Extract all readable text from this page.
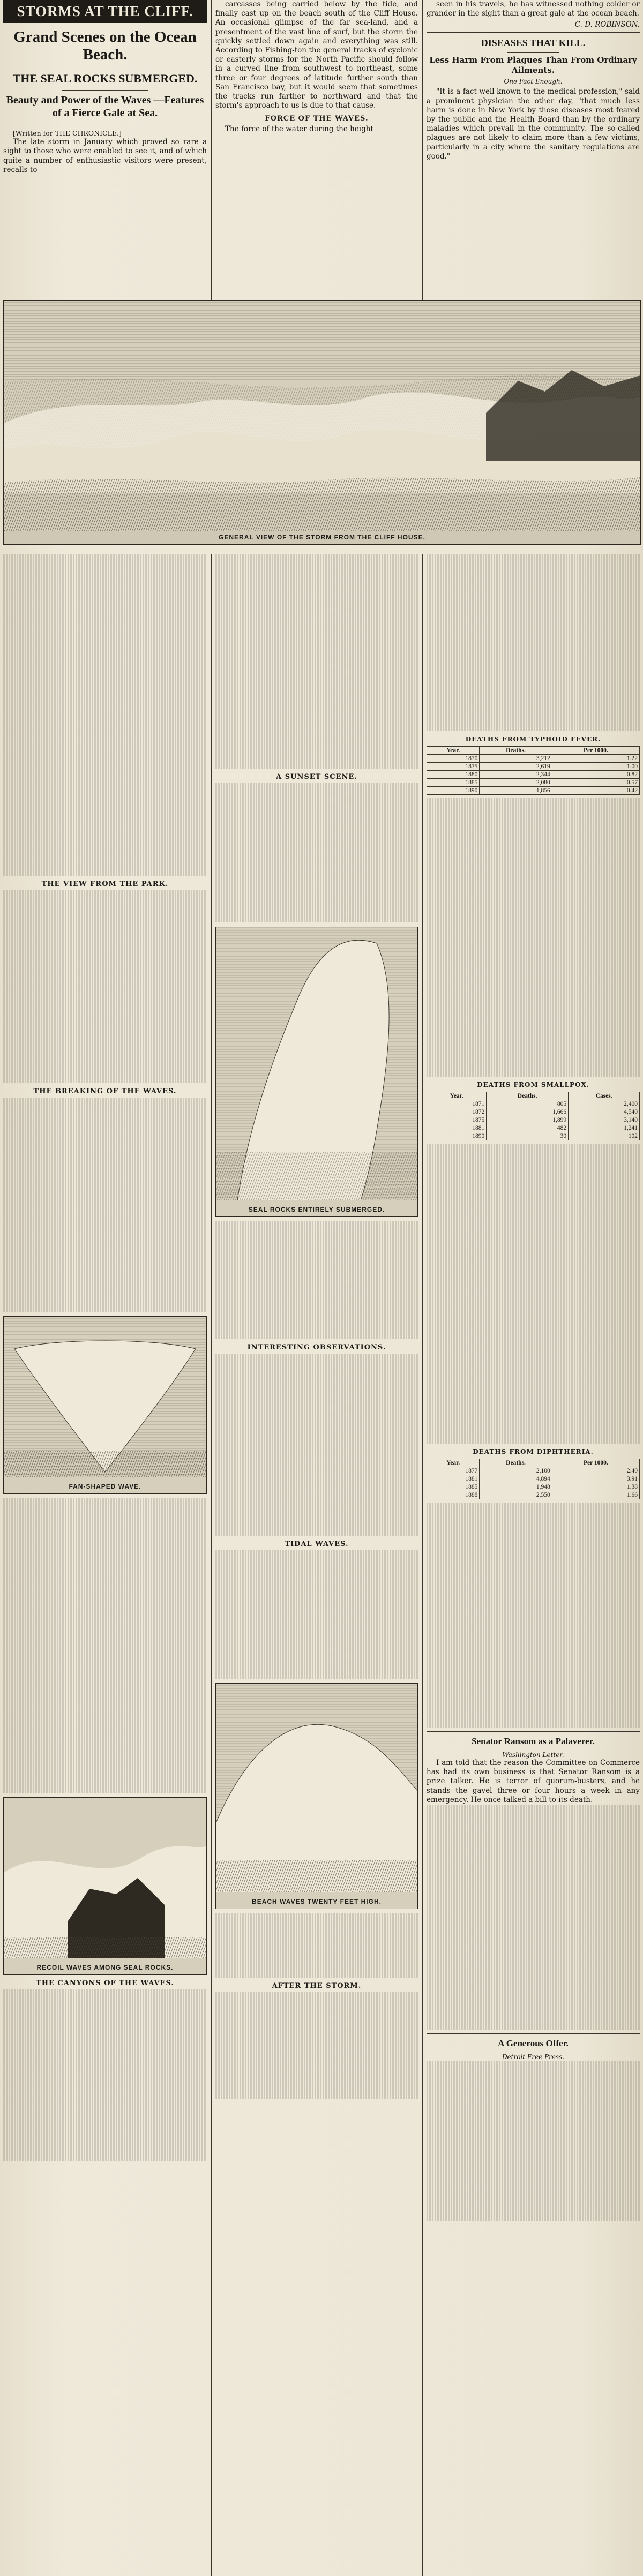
STORMS AT THE CLIFF.
Grand Scenes on the Ocean Beach.
THE SEAL ROCKS SUBMERGED.
Beauty and Power of the Waves —Features of a Fierce Gale at Sea.

[Written for THE CHRONICLE.]

The late storm in January which proved so rare a sight to those who were enabled to see it, and of which quite a number of enthusiastic visitors were present, recalls to

carcasses being carried below by the tide, and finally cast up on the beach south of the Cliff House. An occasional glimpse of the far sea-land, and a presentment of the vast line of surf, but the storm the quickly settled down again and everything was still. According to Fishing-ton the general tracks of cyclonic or easterly storms for the North Pacific should follow in a curved line from southwest to northeast, some three or four degrees of latitude further south than San Francisco bay, but it would seem that sometimes the tracks run farther to northward and that the storm's approach to us is due to that cause.

FORCE OF THE WAVES.

The force of the water during the height

seen in his travels, he has witnessed nothing colder or grander in the sight than a great gale at the ocean beach.

C. D. ROBINSON.
DISEASES THAT KILL.
Less Harm From Plagues Than From Ordinary Ailments.
One Fact Enough.

"It is a fact well known to the medical profession," said a prominent physician the other day, "that much less harm is done in New York by those diseases most feared by the public and the Health Board than by the ordinary maladies which prevail in the community. The so-called plagues are not likely to claim more than a few victims, particularly in a city where the sanitary regulations are good."

GENERAL VIEW OF THE STORM FROM THE CLIFF HOUSE.
THE VIEW FROM THE PARK.
THE BREAKING OF THE WAVES.
FAN-SHAPED WAVE.
RECOIL WAVES AMONG SEAL ROCKS.
THE CANYONS OF THE WAVES.
A SUNSET SCENE.
SEAL ROCKS ENTIRELY SUBMERGED.
INTERESTING OBSERVATIONS.
TIDAL WAVES.
BEACH WAVES TWENTY FEET HIGH.
AFTER THE STORM.
DEATHS FROM TYPHOID FEVER.
Year.	Deaths.	Per 1000.
1870	3,212	1.22
1875	2,619	1.00
1880	2,344	0.82
1885	2,080	0.57
1890	1,856	0.42
DEATHS FROM SMALLPOX.
Year.	Deaths.	Cases.
1871	805	2,400
1872	1,666	4,540
1875	1,899	3,140
1881	482	1,241
1890	30	102
DEATHS FROM DIPHTHERIA.
Year.	Deaths.	Per 1000.
1877	2,100	2.40
1881	4,894	3.91
1885	1,948	1.38
1888	2,550	1.66
Senator Ransom as a Palaverer.
Washington Letter.

I am told that the reason the Committee on Commerce has had its own business is that Senator Ransom is a prize talker. He is terror of quorum-busters, and he stands the gavel three or four hours a week in any emergency. He once talked a bill to its death.

A Generous Offer.
Detroit Free Press.
